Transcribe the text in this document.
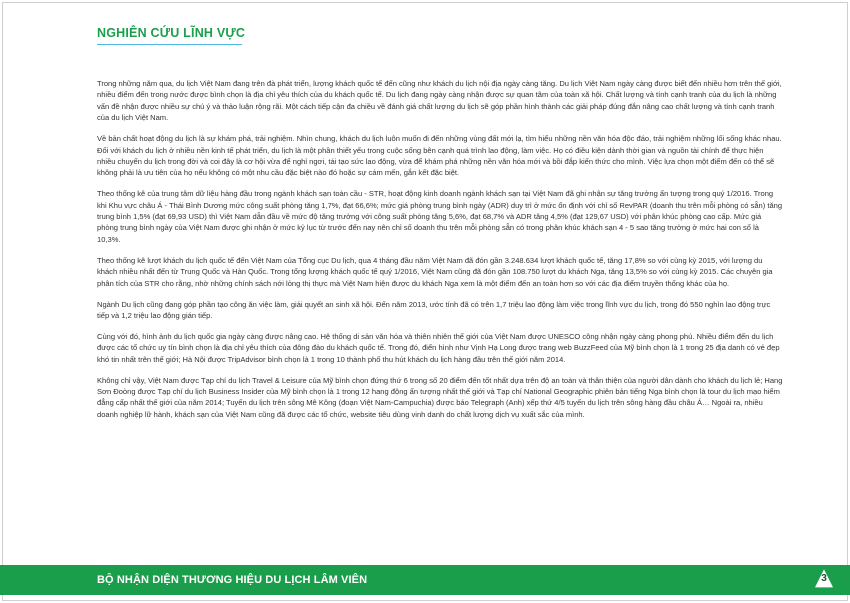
NGHIÊN CỨU LĨNH VỰC

Trong những năm qua, du lịch Việt Nam đang trên đà phát triển, lượng khách quốc tế đến cũng như khách du lịch nội địa ngày càng tăng. Du lịch Việt Nam ngày càng được biết đến nhiều hơn trên thế giới, nhiều điểm đến trong nước được bình chọn là địa chỉ yêu thích của du khách quốc tế. Du lịch đang ngày càng nhận được sự quan tâm của toàn xã hội. Chất lượng và tính cạnh tranh của du lịch là những vấn đề nhận được nhiều sự chú ý và thảo luận rộng rãi. Một cách tiếp cận đa chiều về đánh giá chất lượng du lịch sẽ góp phần hình thành các giải pháp đúng đắn nâng cao chất lượng và tính cạnh tranh của du lịch Việt Nam.

Về bản chất hoạt động du lịch là sự khám phá, trải nghiệm. Nhìn chung, khách du lịch luôn muốn đi đến những vùng đất mới lạ, tìm hiểu những nền văn hóa độc đáo, trải nghiệm những lối sống khác nhau. Đối với khách du lịch ở nhiều nền kinh tế phát triển, du lịch là một phần thiết yếu trong cuộc sống bên cạnh quá trình lao động, làm việc. Họ có điều kiện dành thời gian và nguồn tài chính để thực hiện nhiều chuyến du lịch trong đời và coi đây là cơ hội vừa để nghỉ ngơi, tái tạo sức lao động, vừa để khám phá những nền văn hóa mới và bồi đắp kiến thức cho mình. Việc lựa chọn một điểm đến có thể sẽ không phải là ưu tiên của họ nếu không có một nhu cầu đặc biệt nào đó hoặc sự cám mến, gắn kết đặc biệt.

Theo thống kê của trung tâm dữ liệu hàng đầu trong ngành khách sạn toàn cầu - STR, hoạt động kinh doanh ngành khách sạn tại Việt Nam đã ghi nhận sự tăng trưởng ấn tượng trong quý 1/2016. Trong khi Khu vực châu Á - Thái Bình Dương mức công suất phòng tăng 1,7%, đạt 66,6%; mức giá phòng trung bình ngày (ADR) duy trì ở mức ổn định với chỉ số RevPAR (doanh thu trên mỗi phòng có sẵn) tăng trung bình 1,5% (đạt 69,93 USD) thì Việt Nam dẫn đầu về mức độ tăng trưởng với công suất phòng tăng 5,6%, đạt 68,7% và ADR tăng 4,5% (đạt 129,67 USD) với phân khúc phòng cao cấp. Mức giá phòng trung bình ngày của Việt Nam được ghi nhận ở mức kỷ lục từ trước đến nay nên chỉ số doanh thu trên mỗi phòng sẵn có trong phân khúc khách sạn 4 - 5 sao tăng trưởng ở mức hai con số là 10,3%.

Theo thống kê lượt khách du lịch quốc tế đến Việt Nam của Tổng cục Du lịch, qua 4 tháng đầu năm Việt Nam đã đón gần 3.248.634 lượt khách quốc tế, tăng 17,8% so với cùng kỳ 2015, với lượng du khách nhiều nhất đến từ Trung Quốc và Hàn Quốc. Trong tổng lượng khách quốc tế quý 1/2016, Việt Nam cũng đã đón gần 108.750 lượt du khách Nga, tăng 13,5% so với cùng kỳ 2015. Các chuyên gia phân tích của STR cho rằng, nhờ những chính sách nới lỏng thị thực mà Việt Nam hiện được du khách Nga xem là một điểm đến an toàn hơn so với các địa điểm truyền thống khác của họ.

Ngành Du lịch cũng đang góp phần tạo công ăn việc làm, giải quyết an sinh xã hội. Đến năm 2013, ước tính đã có trên 1,7 triệu lao động làm việc trong lĩnh vực du lịch, trong đó 550 nghìn lao động trực tiếp và 1,2 triệu lao động gián tiếp.

Cùng với đó, hình ảnh du lịch quốc gia ngày càng được nâng cao. Hệ thống di sản văn hóa và thiên nhiên thế giới của Việt Nam được UNESCO công nhận ngày càng phong phú. Nhiều điểm đến du lịch được các tổ chức uy tín bình chọn là địa chỉ yêu thích của đông đảo du khách quốc tế. Trong đó, điển hình như Vịnh Hạ Long được trang web BuzzFeed của Mỹ bình chọn là 1 trong 25 địa danh có vẻ đẹp khó tin nhất trên thế giới; Hà Nội được TripAdvisor bình chọn là 1 trong 10 thành phố thu hút khách du lịch hàng đầu trên thế giới năm 2014.

Không chỉ vậy, Việt Nam được Tạp chí du lịch Travel & Leisure của Mỹ bình chọn đứng thứ 6 trong số 20 điểm đến tốt nhất dựa trên độ an toàn và thân thiện của người dân dành cho khách du lịch lẻ; Hang Sơn Đoòng được Tạp chí du lịch Business Insider của Mỹ bình chọn là 1 trong 12 hang động ấn tượng nhất thế giới và Tạp chí National Geographic phiên bản tiếng Nga bình chọn là tour du lịch mạo hiểm đẳng cấp nhất thế giới của năm 2014; Tuyến du lịch trên sông Mê Kông (đoạn Việt Nam-Campuchia) được báo Telegraph (Anh) xếp thứ 4/5 tuyến du lịch trên sông hàng đầu châu Á… Ngoài ra, nhiều doanh nghiệp lữ hành, khách sạn của Việt Nam cũng đã được các tổ chức, website tiêu dùng vinh danh do chất lượng dịch vụ xuất sắc của mình.

BỘ NHẬN DIỆN THƯƠNG HIỆU DU LỊCH LÂM VIÊN	3
